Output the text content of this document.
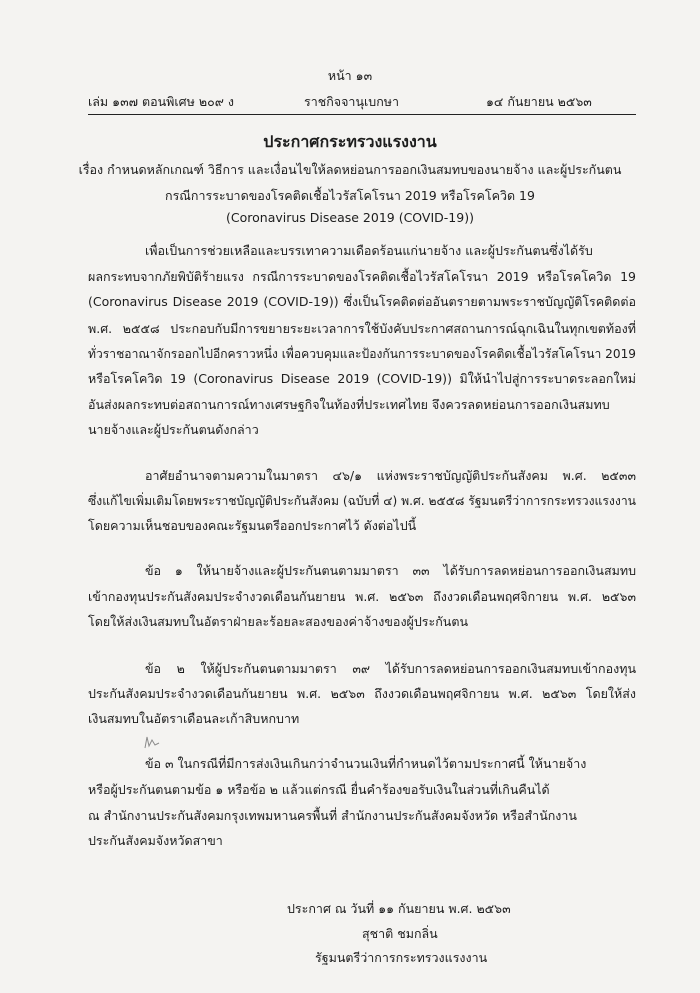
หน้า ๑๓
เล่ม ๑๓๗ ตอนพิเศษ ๒๐๙ ง	ราชกิจจานุเบกษา	๑๔ กันยายน ๒๕๖๓
ประกาศกระทรวงแรงงาน
เรื่อง กำหนดหลักเกณฑ์ วิธีการ และเงื่อนไขให้ลดหย่อนการออกเงินสมทบของนายจ้าง และผู้ประกันตน
กรณีการระบาดของโรคติดเชื้อไวรัสโคโรนา 2019 หรือโรคโควิด 19
(Coronavirus Disease 2019 (COVID-19))
เพื่อเป็นการช่วยเหลือและบรรเทาความเดือดร้อนแก่นายจ้าง และผู้ประกันตนซึ่งได้รับ
ผลกระทบจากภัยพิบัติร้ายแรง กรณีการระบาดของโรคติดเชื้อไวรัสโคโรนา 2019 หรือโรคโควิด 19
(Coronavirus Disease 2019 (COVID-19)) ซึ่งเป็นโรคติดต่ออันตรายตามพระราชบัญญัติโรคติดต่อ
พ.ศ. ๒๕๕๘ ประกอบกับมีการขยายระยะเวลาการใช้บังคับประกาศสถานการณ์ฉุกเฉินในทุกเขตท้องที่
ทั่วราชอาณาจักรออกไปอีกคราวหนึ่ง เพื่อควบคุมและป้องกันการระบาดของโรคติดเชื้อไวรัสโคโรนา 2019
หรือโรคโควิด 19 (Coronavirus Disease 2019 (COVID-19)) มิให้นำไปสู่การระบาดระลอกใหม่
อันส่งผลกระทบต่อสถานการณ์ทางเศรษฐกิจในท้องที่ประเทศไทย จึงควรลดหย่อนการออกเงินสมทบ
นายจ้างและผู้ประกันตนดังกล่าว
อาศัยอำนาจตามความในมาตรา ๔๖/๑ แห่งพระราชบัญญัติประกันสังคม พ.ศ. ๒๕๓๓
ซึ่งแก้ไขเพิ่มเติมโดยพระราชบัญญัติประกันสังคม (ฉบับที่ ๔) พ.ศ. ๒๕๕๘ รัฐมนตรีว่าการกระทรวงแรงงาน
โดยความเห็นชอบของคณะรัฐมนตรีออกประกาศไว้ ดังต่อไปนี้
ข้อ ๑ ให้นายจ้างและผู้ประกันตนตามมาตรา ๓๓ ได้รับการลดหย่อนการออกเงินสมทบ
เข้ากองทุนประกันสังคมประจำงวดเดือนกันยายน พ.ศ. ๒๕๖๓ ถึงงวดเดือนพฤศจิกายน พ.ศ. ๒๕๖๓
โดยให้ส่งเงินสมทบในอัตราฝ่ายละร้อยละสองของค่าจ้างของผู้ประกันตน
ข้อ ๒ ให้ผู้ประกันตนตามมาตรา ๓๙ ได้รับการลดหย่อนการออกเงินสมทบเข้ากองทุน
ประกันสังคมประจำงวดเดือนกันยายน พ.ศ. ๒๕๖๓ ถึงงวดเดือนพฤศจิกายน พ.ศ. ๒๕๖๓ โดยให้ส่ง
เงินสมทบในอัตราเดือนละเก้าสิบหกบาท
ข้อ ๓ ในกรณีที่มีการส่งเงินเกินกว่าจำนวนเงินที่กำหนดไว้ตามประกาศนี้ ให้นายจ้าง
หรือผู้ประกันตนตามข้อ ๑ หรือข้อ ๒ แล้วแต่กรณี ยื่นคำร้องขอรับเงินในส่วนที่เกินคืนได้
ณ สำนักงานประกันสังคมกรุงเทพมหานครพื้นที่ สำนักงานประกันสังคมจังหวัด หรือสำนักงาน
ประกันสังคมจังหวัดสาขา
ประกาศ ณ วันที่ ๑๑ กันยายน พ.ศ. ๒๕๖๓
สุชาติ ชมกลิ่น
รัฐมนตรีว่าการกระทรวงแรงงาน
